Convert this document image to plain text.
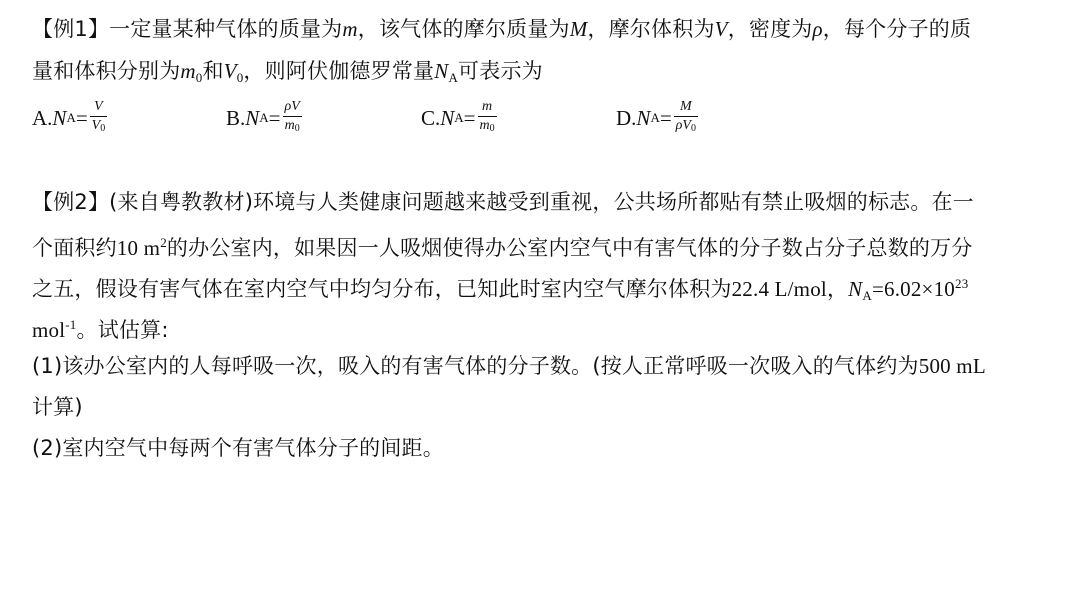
【例1】一定量某种气体的质量为m，该气体的摩尔质量为M，摩尔体积为V，密度为ρ，每个分子的质
量和体积分别为$m_0$和$V_0$，则阿伏伽德罗常量$N_A$可表示为
A. N $A = \frac{V}{V_0}$	B. N $A = \frac{\rho V}{m_0}$	C. N $A = \frac{m}{m_0}$	D. N $A = \frac{M}{\rho V_0}$
【例2】(来自粤教教材)环境与人类健康问题越来越受到重视，公共场所都贴有禁止吸烟的标志。在一
个面积约10 $m^2$的办公室内，如果因一人吸烟使得办公室内空气中有害气体的分子数占分子总数的万分
之五，假设有害气体在室内空气中均匀分布，已知此时室内空气摩尔体积为22.4 L/mol，$N_A=6.02\times 10^{23}$
mol$^{-1}$。试估算:
(1)该办公室内的人每呼吸一次，吸入的有害气体的分子数。(按人正常呼吸一次吸入的气体约为500 mL
计算)
(2)室内空气中每两个有害气体分子的间距。
